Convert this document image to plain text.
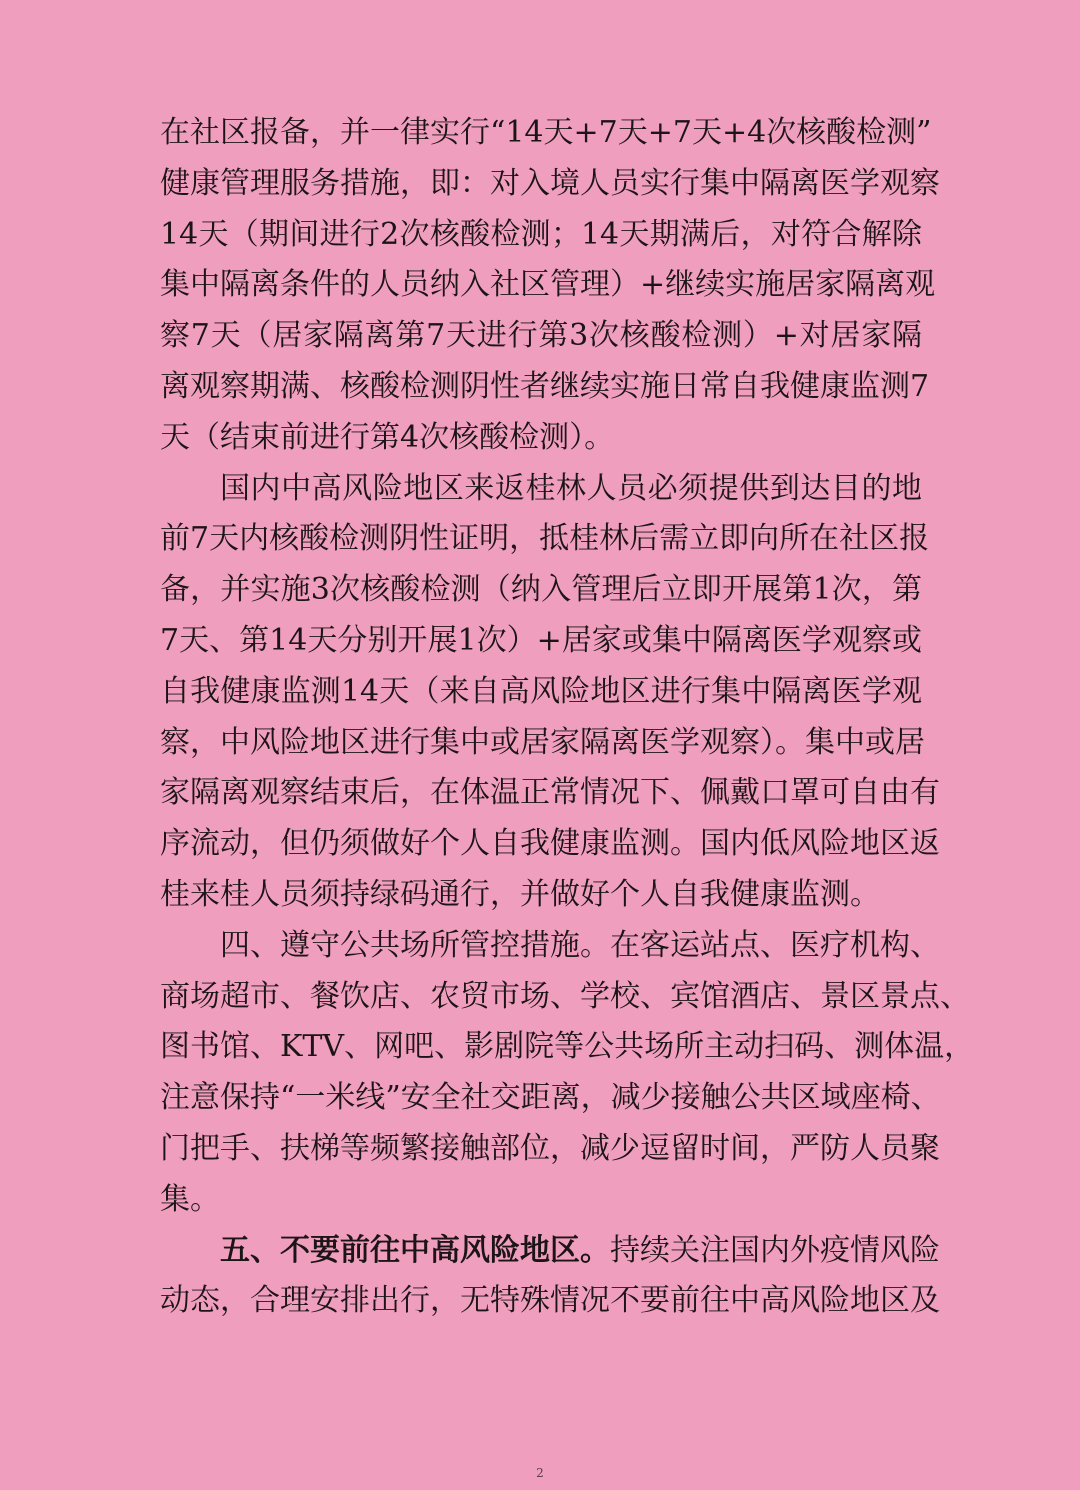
在社区报备，并一律实行“14天+7天+7天+4次核酸检测”
健康管理服务措施，即：对入境人员实行集中隔离医学观察
14天（期间进行2次核酸检测；14天期满后，对符合解除
集中隔离条件的人员纳入社区管理）+继续实施居家隔离观
察7天（居家隔离第7天进行第3次核酸检测）+对居家隔
离观察期满、核酸检测阴性者继续实施日常自我健康监测7
天（结束前进行第4次核酸检测）。
国内中高风险地区来返桂林人员必须提供到达目的地
前7天内核酸检测阴性证明，抵桂林后需立即向所在社区报
备，并实施3次核酸检测（纳入管理后立即开展第1次，第
7天、第14天分别开展1次）+居家或集中隔离医学观察或
自我健康监测14天（来自高风险地区进行集中隔离医学观
察，中风险地区进行集中或居家隔离医学观察）。集中或居
家隔离观察结束后，在体温正常情况下、佩戴口罩可自由有
序流动，但仍须做好个人自我健康监测。国内低风险地区返
桂来桂人员须持绿码通行，并做好个人自我健康监测。
四、遵守公共场所管控措施。在客运站点、医疗机构、
商场超市、餐饮店、农贸市场、学校、宾馆酒店、景区景点、
图书馆、KTV、网吧、影剧院等公共场所主动扫码、测体温，
注意保持“一米线”安全社交距离，减少接触公共区域座椅、
门把手、扶梯等频繁接触部位，减少逗留时间，严防人员聚
集。
五、不要前往中高风险地区。持续关注国内外疫情风险
动态，合理安排出行，无特殊情况不要前往中高风险地区及
2
